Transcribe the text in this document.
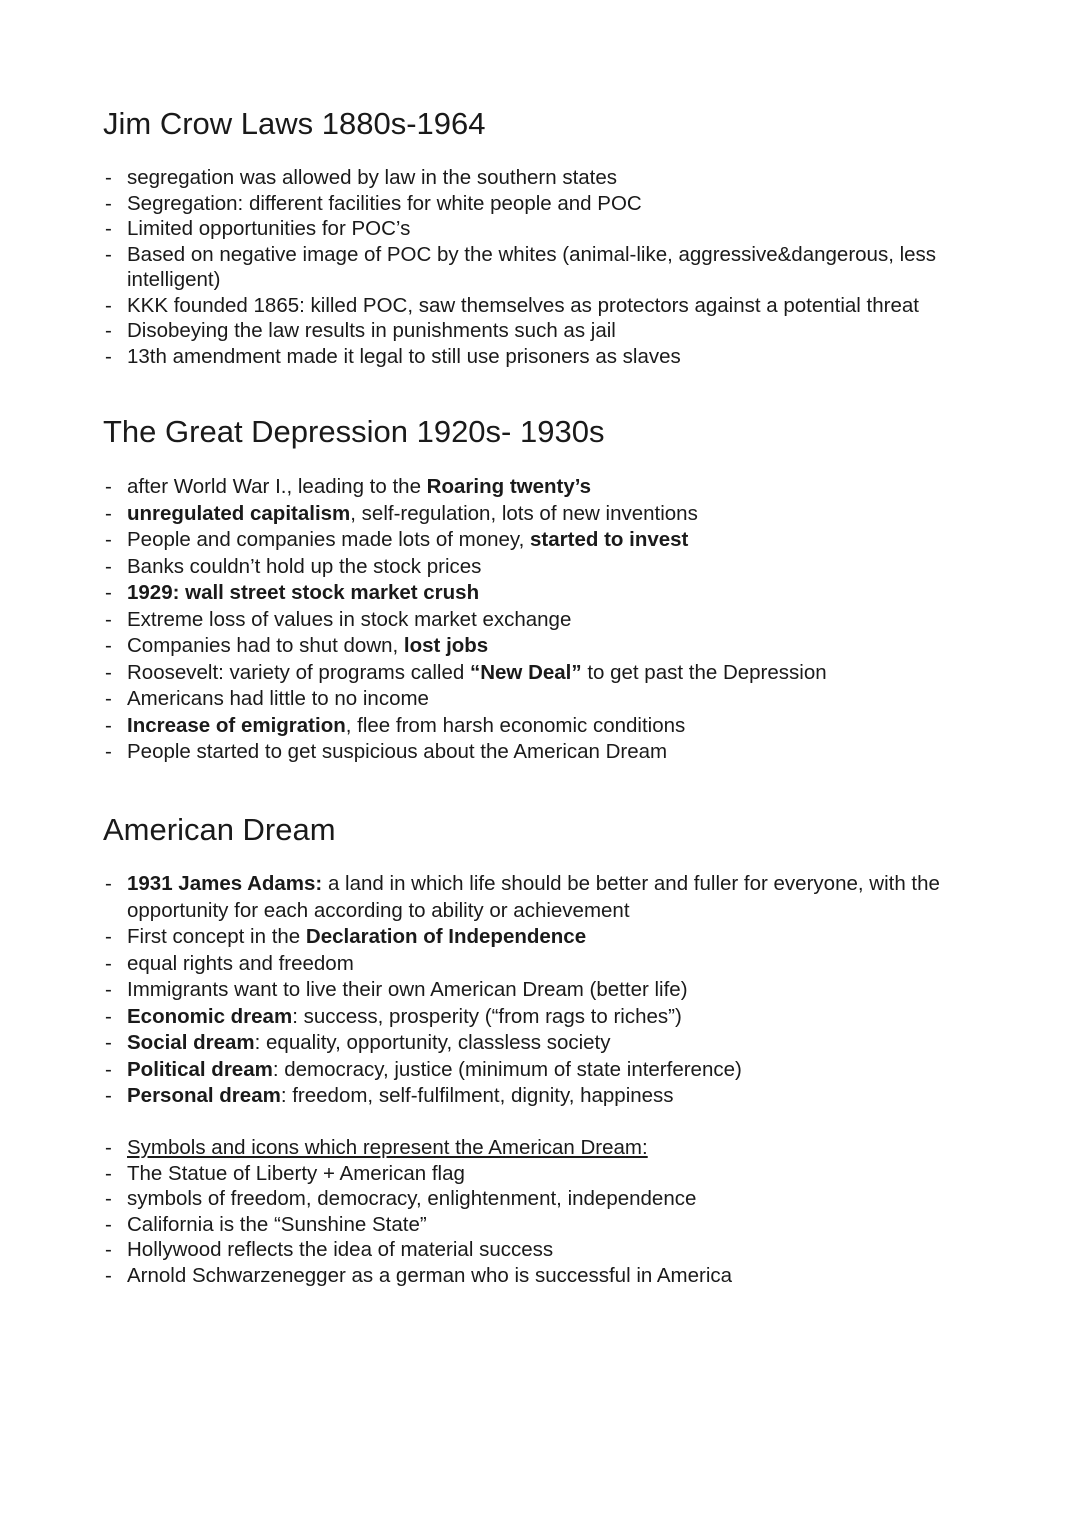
Jim Crow Laws 1880s-1964
- segregation was allowed by law in the southern states
- Segregation: different facilities for white people and POC
- Limited opportunities for POC’s
- Based on negative image of POC by the whites (animal-like, aggressive&dangerous, less intelligent)
- KKK founded 1865: killed POC, saw themselves as protectors against a potential threat
- Disobeying the law results in punishments such as jail
- 13th amendment made it legal to still use prisoners as slaves
The Great Depression 1920s- 1930s
- after World War I., leading to the Roaring twenty’s
- unregulated capitalism, self-regulation, lots of new inventions
- People and companies made lots of money, started to invest
- Banks couldn’t hold up the stock prices
- 1929: wall street stock market crush
- Extreme loss of values in stock market exchange
- Companies had to shut down, lost jobs
- Roosevelt: variety of programs called “New Deal” to get past the Depression
- Americans had little to no income
- Increase of emigration, flee from harsh economic conditions
- People started to get suspicious about the American Dream
American Dream
- 1931 James Adams: a land in which life should be better and fuller for everyone, with the opportunity for each according to ability or achievement
- First concept in the Declaration of Independence
- equal rights and freedom
- Immigrants want to live their own American Dream (better life)
- Economic dream: success, prosperity (“from rags to riches”)
- Social dream: equality, opportunity, classless society
- Political dream: democracy, justice (minimum of state interference)
- Personal dream: freedom, self-fulfilment, dignity, happiness
- Symbols and icons which represent the American Dream:
- The Statue of Liberty + American flag
- symbols of freedom, democracy, enlightenment, independence
- California is the “Sunshine State”
- Hollywood reflects the idea of material success
- Arnold Schwarzenegger as a german who is successful in America
